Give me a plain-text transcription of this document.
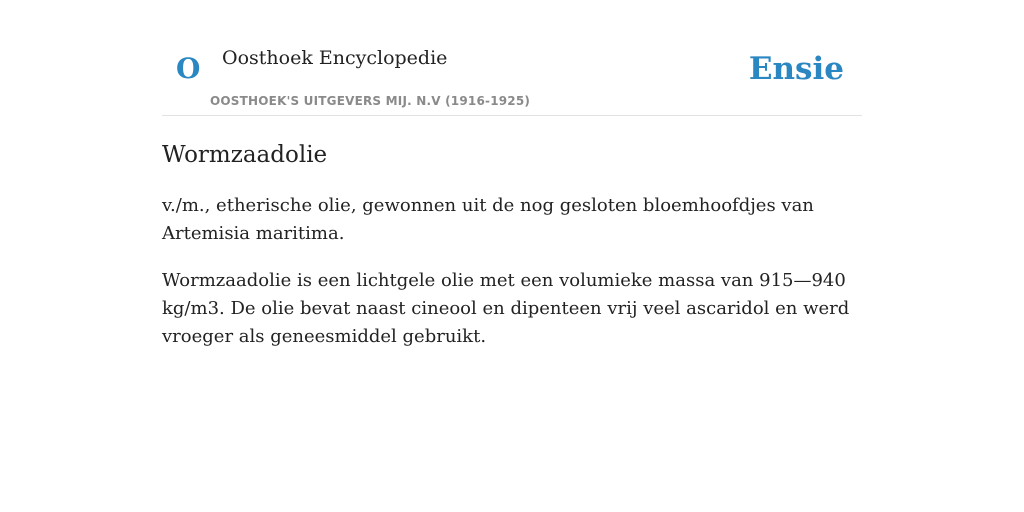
O Oosthoek Encyclopedie
OOSTHOEK'S UITGEVERS MIJ. N.V (1916-1925)
Ensie
Wormzaadolie

v./m., etherische olie, gewonnen uit de nog gesloten bloemhoofdjes van Artemisia maritima.

Wormzaadolie is een lichtgele olie met een volumieke massa van 915—940 kg/m3. De olie bevat naast cineool en dipenteen vrij veel ascaridol en werd vroeger als geneesmiddel gebruikt.
